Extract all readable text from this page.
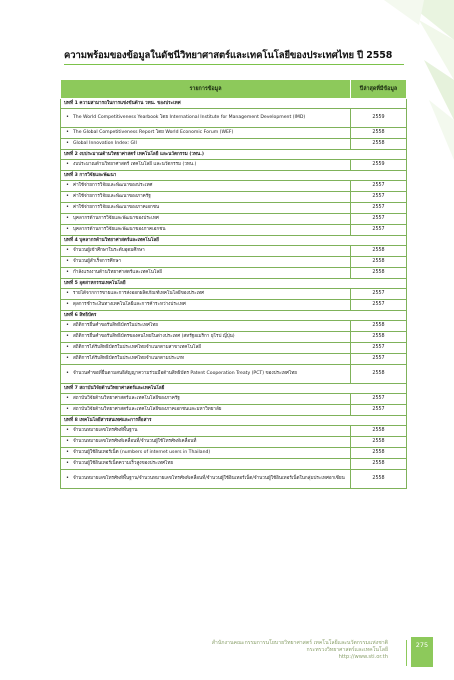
ความพร้อมของข้อมูลในดัชนีวิทยาศาสตร์และเทคโนโลยีของประเทศไทย ปี 2558
รายการข้อมูล	ปีล่าสุดที่มีข้อมูล
บทที่ 1 ความสามารถในการแข่งขันด้าน วทน. ของประเทศ	
• The World Competitiveness Yearbook โดย International Institute for Management Development (IMD)	2559
• The Global Competitiveness Report โดย World Economic Forum (WEF)	2558
• Global Innovation Index: GII	2558
บทที่ 2 งบประมาณด้านวิทยาศาสตร์ เทคโนโลยี และนวัตกรรม (วทน.)	
• งบประมาณด้านวิทยาศาสตร์ เทคโนโลยี และนวัตกรรม (วทน.)	2559
บทที่ 3 การวิจัยและพัฒนา	
• ค่าใช้จ่ายการวิจัยและพัฒนาของประเทศ	2557
• ค่าใช้จ่ายการวิจัยและพัฒนาของภาครัฐ	2557
• ค่าใช้จ่ายการวิจัยและพัฒนาของภาคเอกชน	2557
• บุคลากรด้านการวิจัยและพัฒนาของประเทศ	2557
• บุคลากรด้านการวิจัยและพัฒนาของภาคเอกชน	2557
บทที่ 4 บุคลากรด้านวิทยาศาสตร์และเทคโนโลยี	
• จำนวนผู้เข้าศึกษาในระดับอุดมศึกษา	2558
• จำนวนผู้สำเร็จการศึกษา	2558
• กำลังแรงงานด้านวิทยาศาสตร์และเทคโนโลยี	2558
บทที่ 5 อุตสาหกรรมเทคโนโลยี	
• รายได้จากการขายและการส่งออกผลิตภัณฑ์เทคโนโลยีของประเทศ	2557
• ดุลการชำระเงินทางเทคโนโลยีและการค้าระหว่างประเทศ	2557
บทที่ 6 สิทธิบัตร	
• สถิติการยื่นคำขอรับสิทธิบัตรในประเทศไทย	2558
• สถิติการยื่นคำขอรับสิทธิบัตรของคนไทยในต่างประเทศ (สหรัฐอเมริกา ยุโรป ญี่ปุ่น)	2558
• สถิติการได้รับสิทธิบัตรในประเทศไทยจำแนกตามสาขาเทคโนโลยี	2557
• สถิติการได้รับสิทธิบัตรในประเทศไทยจำแนกตามประเภท	2557
• จำนวนคำขอที่ยื่นตามสนธิสัญญาความร่วมมือด้านสิทธิบัตร Patent Cooperation Treaty (PCT) ของประเทศไทย	2558
บทที่ 7 สถาบันวิจัยด้านวิทยาศาสตร์และเทคโนโลยี	
• สถาบันวิจัยด้านวิทยาศาสตร์และเทคโนโลยีของภาครัฐ	2557
• สถาบันวิจัยด้านวิทยาศาสตร์และเทคโนโลยีของภาคเอกชนและมหาวิทยาลัย	2557
บทที่ 8 เทคโนโลยีสารสนเทศและการสื่อสาร	
• จำนวนหมายเลขโทรศัพท์พื้นฐาน	2558
• จำนวนหมายเลขโทรศัพท์เคลื่อนที่/จำนวนผู้ใช้โทรศัพท์เคลื่อนที่	2558
• จำนวนผู้ใช้อินเทอร์เน็ต (numbers of internet users in Thailand)	2558
• จำนวนผู้ใช้อินเทอร์เน็ตความเร็วสูงของประเทศไทย	2558
• จำนวนหมายเลขโทรศัพท์พื้นฐาน/จำนวนหมายเลขโทรศัพท์เคลื่อนที่/จำนวนผู้ใช้อินเทอร์เน็ต/จำนวนผู้ใช้อินเทอร์เน็ตในกลุ่มประเทศอาเซียน	2558
สำนักงานคณะกรรมการนโยบายวิทยาศาสตร์ เทคโนโลยีและนวัตกรรมแห่งชาติ
กระทรวงวิทยาศาสตร์และเทคโนโลยี
http://www.sti.or.th
275
